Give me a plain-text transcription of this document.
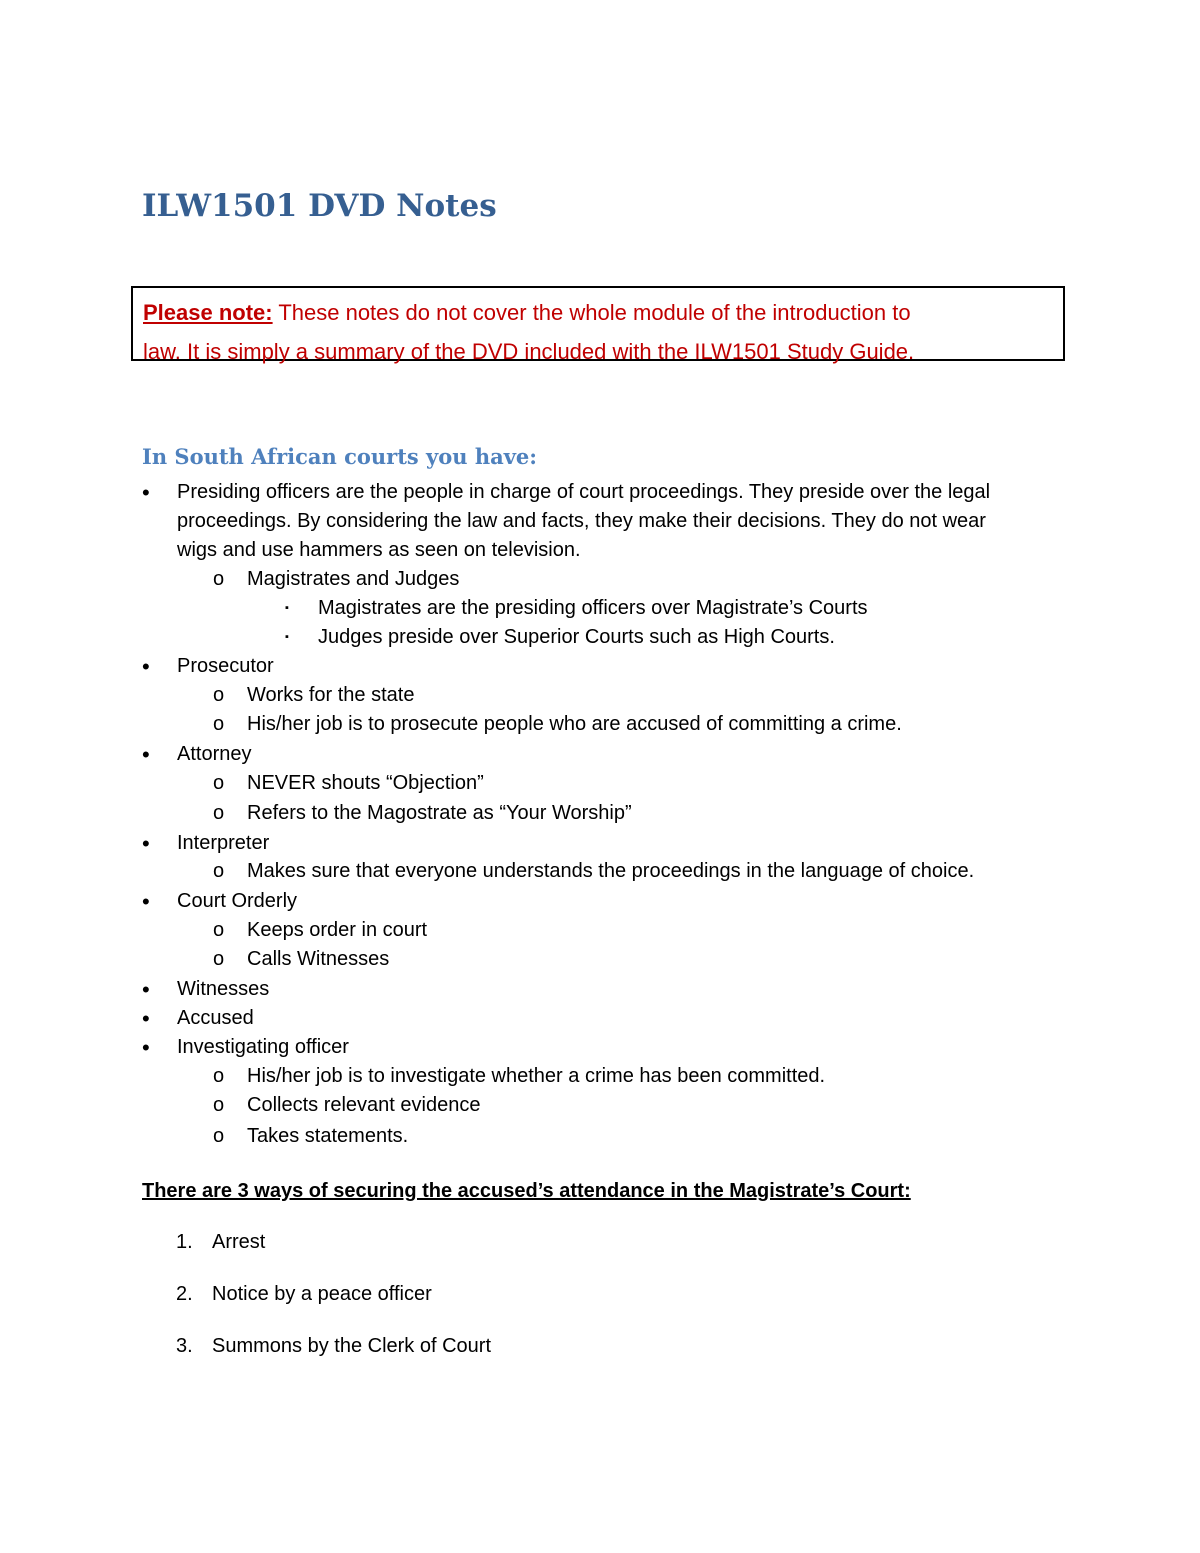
ILW1501 DVD Notes
Please note: These notes do not cover the whole module of the introduction to
law. It is simply a summary of the DVD included with the ILW1501 Study Guide.
In South African courts you have:
• Presiding officers are the people in charge of court proceedings. They preside over the legal
proceedings. By considering the law and facts, they make their decisions. They do not wear
wigs and use hammers as seen on television.
o Magistrates and Judges
▪ Magistrates are the presiding officers over Magistrate’s Courts
▪ Judges preside over Superior Courts such as High Courts.
• Prosecutor
o Works for the state
o His/her job is to prosecute people who are accused of committing a crime.
• Attorney
o NEVER shouts “Objection”
o Refers to the Magostrate as “Your Worship”
• Interpreter
o Makes sure that everyone understands the proceedings in the language of choice.
• Court Orderly
o Keeps order in court
o Calls Witnesses
• Witnesses
• Accused
• Investigating officer
o His/her job is to investigate whether a crime has been committed.
o Collects relevant evidence
o Takes statements.
There are 3 ways of securing the accused’s attendance in the Magistrate’s Court:
1. Arrest
2. Notice by a peace officer
3. Summons by the Clerk of Court
